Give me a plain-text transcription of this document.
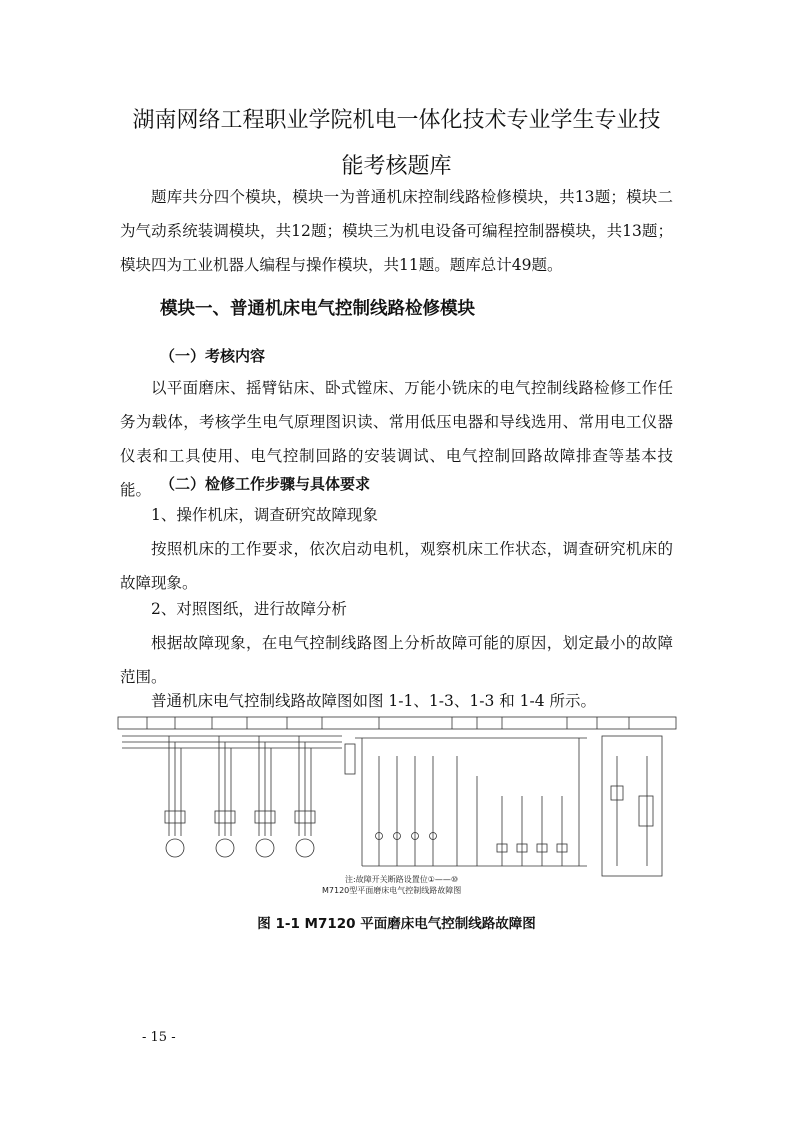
湖南网络工程职业学院机电一体化技术专业学生专业技
能考核题库
题库共分四个模块，模块一为普通机床控制线路检修模块，共13题；模块二为气动系统装调模块，共12题；模块三为机电设备可编程控制器模块，共13题；模块四为工业机器人编程与操作模块，共11题。题库总计49题。
模块一、普通机床电气控制线路检修模块
（一）考核内容
以平面磨床、摇臂钻床、卧式镗床、万能小铣床的电气控制线路检修工作任务为载体，考核学生电气原理图识读、常用低压电器和导线选用、常用电工仪器仪表和工具使用、电气控制回路的安装调试、电气控制回路故障排查等基本技能。 （二）检修工作步骤与具体要求
1、操作机床，调查研究故障现象
按照机床的工作要求，依次启动电机，观察机床工作状态，调查研究机床的故障现象。
2、对照图纸，进行故障分析
根据故障现象，在电气控制线路图上分析故障可能的原因，划定最小的故障范围。
普通机床电气控制线路故障图如图 1-1、1-3、1-3 和 1-4 所示。
注:故障开关断路设置位①——⑩
M7120型平面磨床电气控制线路故障图
图 1-1 M7120 平面磨床电气控制线路故障图
- 15 -
